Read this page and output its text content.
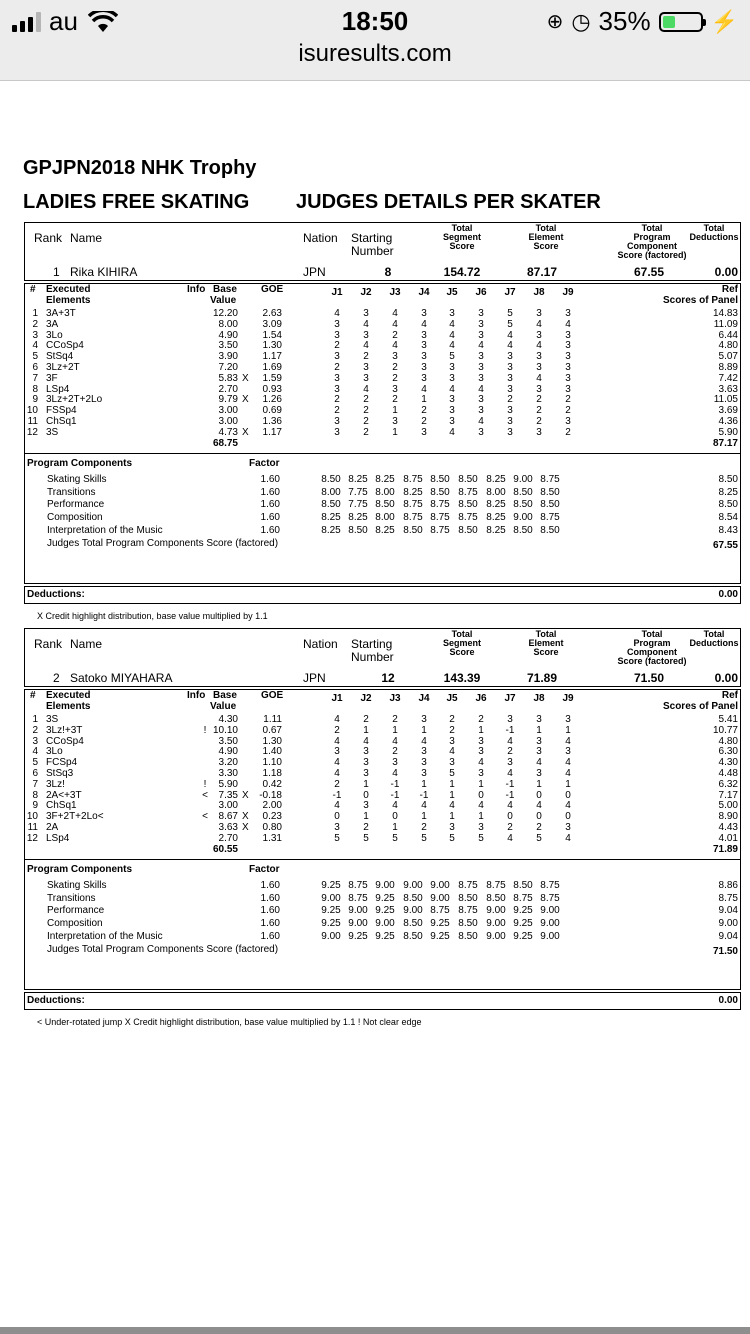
au	18:50
isuresults.com
⊕ ◷ 35%	⚡
GPJPN2018 NHK Trophy
LADIES FREE SKATING JUDGES DETAILS PER SKATER
Rank Name	Nation Starting
Number
Total
Segment
Score
Total
Element
Score
Total
Program
Component
Score (factored)
Total
Deductions
1 Rika KIHIRA	JPN	8	154.72	87.17	67.55	0.00
# Executed
Elements
Info Base
Value
GOE	J1	J2	J3	J4	J5	J6	J7	J8	J9	Ref
Scores of Panel
1 3A+3T	12.20	2.63	4	3	4	3	3	3	5	3	3	14.83
2 3A	8.00	3.09	3	4	4	4	4	3	5	4	4	11.09
3 3Lo	4.90	1.54	3	3	2	3	4	3	4	3	3	6.44
4 CCoSp4	3.50	1.30	2	4	4	3	4	4	4	4	3	4.80
5 StSq4	3.90	1.17	3	2	3	3	5	3	3	3	3	5.07
6 3Lz+2T	7.20	1.69	2	3	2	3	3	3	3	3	3	8.89
7 3F	5.83 X	1.59	3	3	2	3	3	3	3	4	3	7.42
8 LSp4	2.70	0.93	3	4	3	4	4	4	3	3	3	3.63
9 3Lz+2T+2Lo	9.79 X	1.26	2	2	2	1	3	3	2	2	2	11.05
10 FSSp4	3.00	0.69	2	2	1	2	3	3	3	2	2	3.69
11 ChSq1	3.00	1.36	3	2	3	2	3	4	3	2	3	4.36
12 3S	4.73 X	1.17	3	2	1	3	4	3	3	3	2	5.90
68.75	87.17
Program Components	Factor
Skating Skills	1.60	8.50 8.25 8.25 8.75 8.50 8.50 8.25 9.00 8.75	8.50
Transitions	1.60	8.00 7.75 8.00 8.25 8.50 8.75 8.00 8.50 8.50	8.25
Performance	1.60	8.50 7.75 8.50 8.75 8.75 8.50 8.25 8.50 8.50	8.50
Composition	1.60	8.25 8.25 8.00 8.75 8.75 8.75 8.25 9.00 8.75	8.54
Interpretation of the Music	1.60	8.25 8.50 8.25 8.50 8.75 8.50 8.25 8.50 8.50	8.43
Judges Total Program Components Score (factored)	67.55
Deductions:	0.00
X Credit highlight distribution, base value multiplied by 1.1
Rank Name	Nation Starting
Number
Total
Segment
Score
Total
Element
Score
Total
Program
Component
Score (factored)
Total
Deductions
2 Satoko MIYAHARA	JPN	12	143.39	71.89	71.50	0.00
# Executed
Elements
Info Base
Value
GOE	J1	J2	J3	J4	J5	J6	J7	J8	J9	Ref
Scores of Panel
1 3S	4.30	1.11	4	2	2	3	2	2	3	3	3	5.41
2 3Lz!+3T	! 10.10	0.67	2	1	1	1	2	1	-1	1	1	10.77
3 CCoSp4	3.50	1.30	4	4	4	4	3	3	4	3	4	4.80
4 3Lo	4.90	1.40	3	3	2	3	4	3	2	3	3	6.30
5 FCSp4	3.20	1.10	4	3	3	3	3	4	3	4	4	4.30
6 StSq3	3.30	1.18	4	3	4	3	5	3	4	3	4	4.48
7 3Lz!	!	5.90	0.42	2	1	-1	1	1	1	-1	1	1	6.32
8 2A<+3T	<	7.35 X	-0.18	-1	0	-1	-1	1	0	-1	0	0	7.17
9 ChSq1	3.00	2.00	4	3	4	4	4	4	4	4	4	5.00
10 3F+2T+2Lo<	<	8.67 X	0.23	0	1	0	1	1	1	0	0	0	8.90
11 2A	3.63 X	0.80	3	2	1	2	3	3	2	2	3	4.43
12 LSp4	2.70	1.31	5	5	5	5	5	5	4	5	4	4.01
60.55	71.89
Program Components	Factor
Skating Skills	1.60	9.25 8.75 9.00 9.00 9.00 8.75 8.75 8.50 8.75	8.86
Transitions	1.60	9.00 8.75 9.25 8.50 9.00 8.50 8.50 8.75 8.75	8.75
Performance	1.60	9.25 9.00 9.25 9.00 8.75 8.75 9.00 9.25 9.00	9.04
Composition	1.60	9.25 9.00 9.00 8.50 9.25 8.50 9.00 9.25 9.00	9.00
Interpretation of the Music	1.60	9.00 9.25 9.25 8.50 9.25 8.50 9.00 9.25 9.00	9.04
Judges Total Program Components Score (factored)	71.50
Deductions:	0.00
< Under-rotated jump X Credit highlight distribution, base value multiplied by 1.1 ! Not clear edge
